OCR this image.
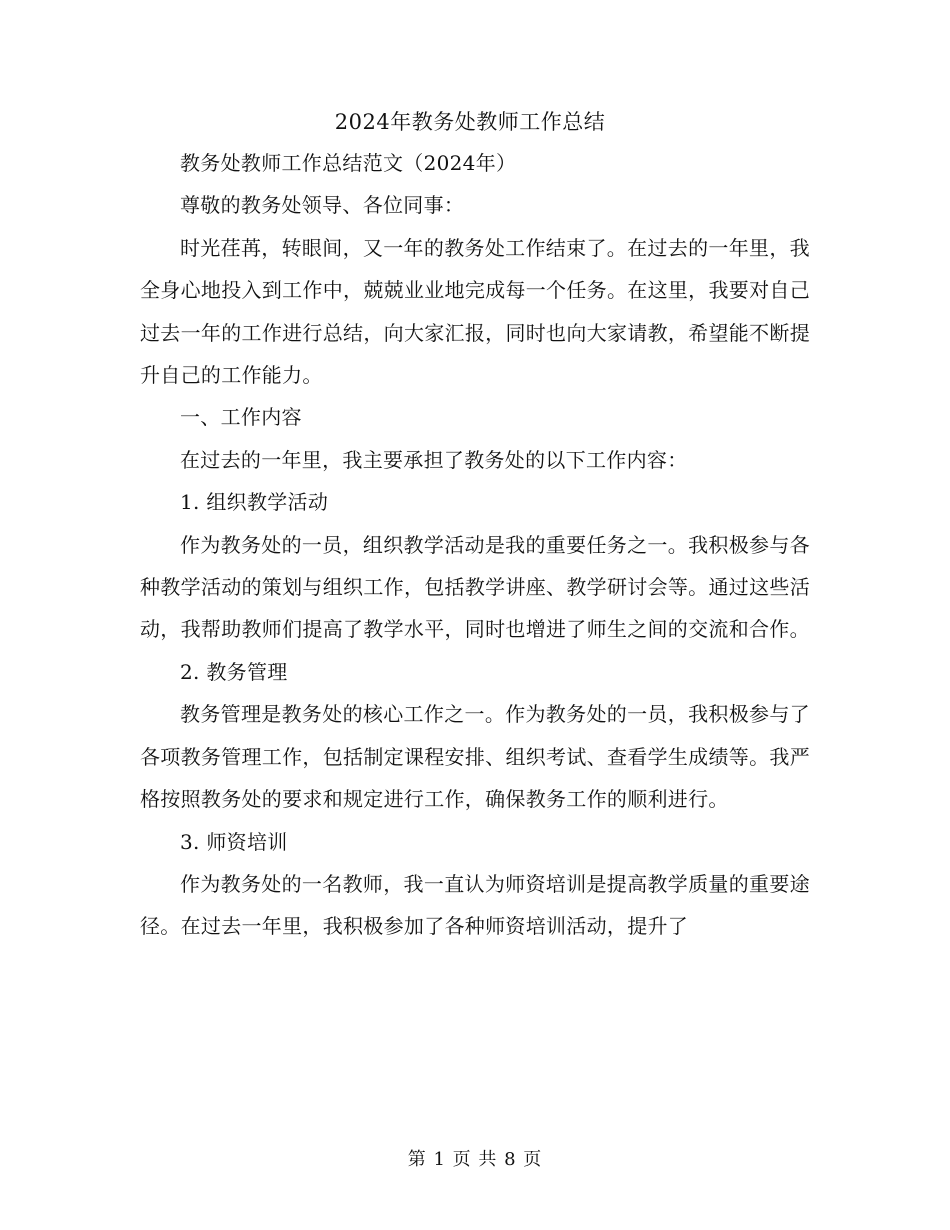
2024年教务处教师工作总结

教务处教师工作总结范文（2024年）

尊敬的教务处领导、各位同事：

时光荏苒，转眼间，又一年的教务处工作结束了。在过去的一年里，我全身心地投入到工作中，兢兢业业地完成每一个任务。在这里，我要对自己过去一年的工作进行总结，向大家汇报，同时也向大家请教，希望能不断提升自己的工作能力。

一、工作内容

在过去的一年里，我主要承担了教务处的以下工作内容：

1. 组织教学活动

作为教务处的一员，组织教学活动是我的重要任务之一。我积极参与各种教学活动的策划与组织工作，包括教学讲座、教学研讨会等。通过这些活动，我帮助教师们提高了教学水平，同时也增进了师生之间的交流和合作。

2. 教务管理

教务管理是教务处的核心工作之一。作为教务处的一员，我积极参与了各项教务管理工作，包括制定课程安排、组织考试、查看学生成绩等。我严格按照教务处的要求和规定进行工作，确保教务工作的顺利进行。

3. 师资培训

作为教务处的一名教师，我一直认为师资培训是提高教学质量的重要途径。在过去一年里，我积极参加了各种师资培训活动，提升了

第 1 页 共 8 页
